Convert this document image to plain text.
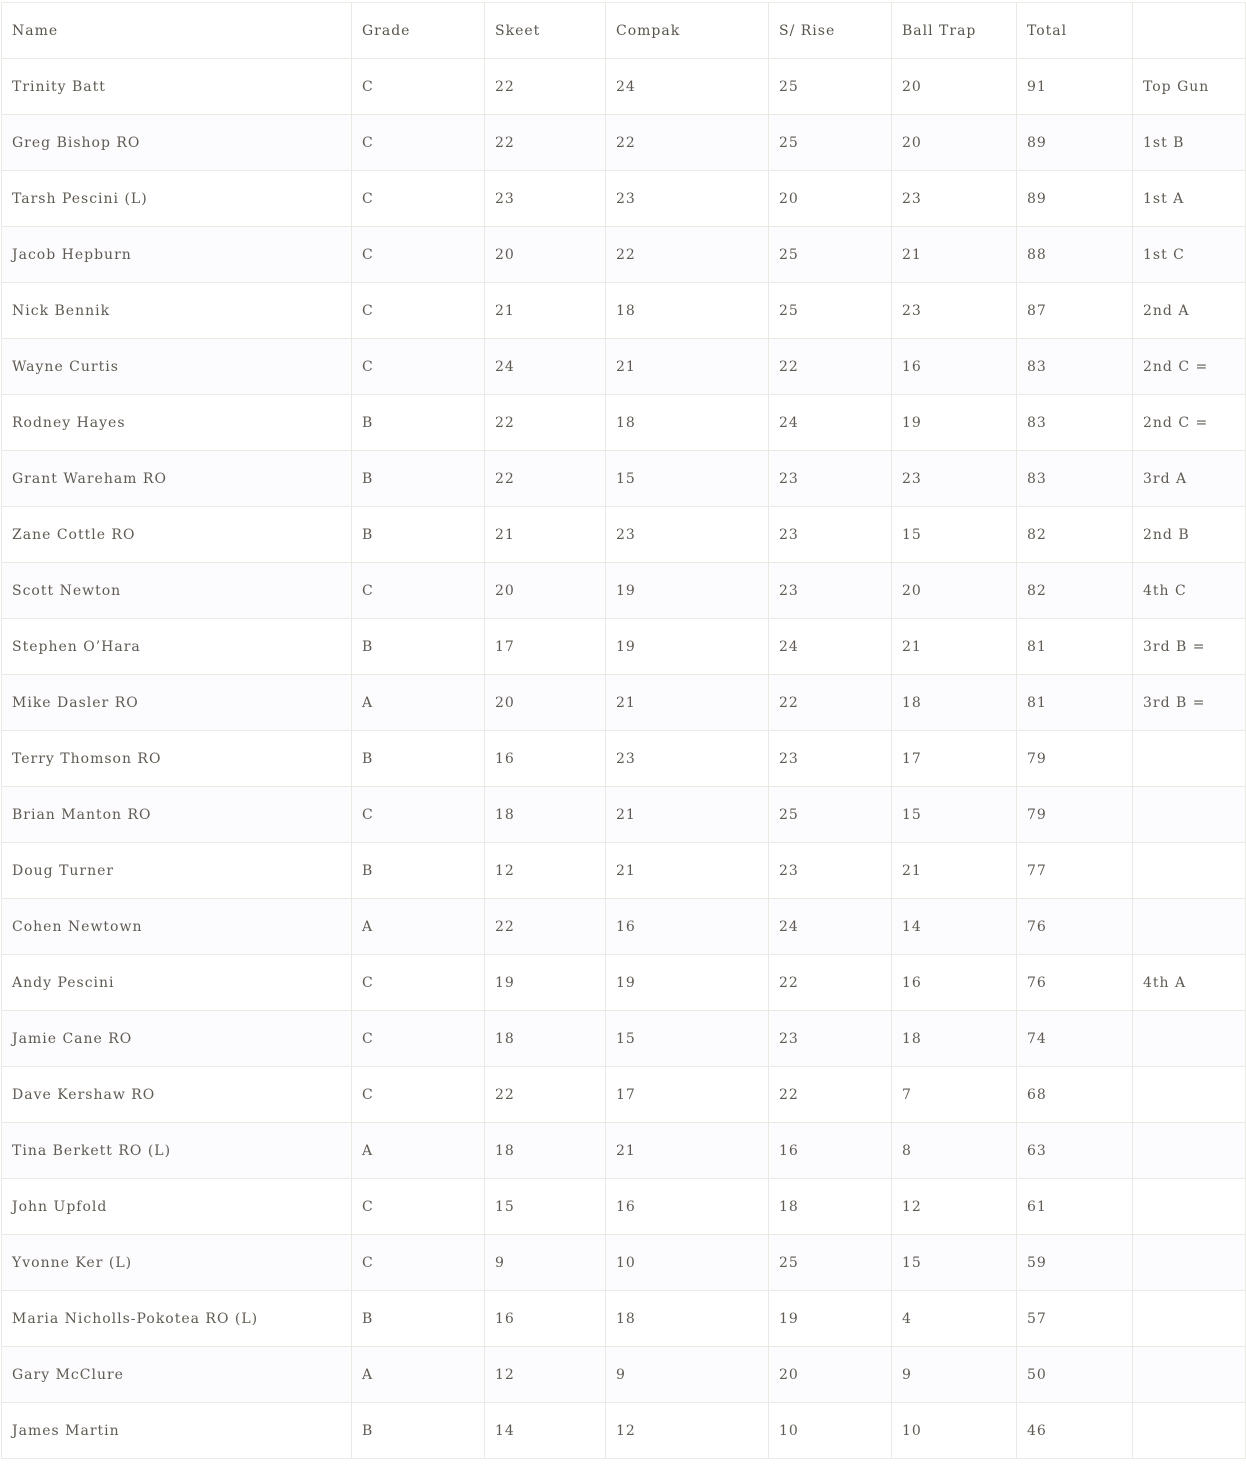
Name	Grade	Skeet	Compak	S/ Rise	Ball Trap	Total	
Trinity Batt	C	22	24	25	20	91	Top Gun
Greg Bishop RO	C	22	22	25	20	89	1st B
Tarsh Pescini (L)	C	23	23	20	23	89	1st A
Jacob Hepburn	C	20	22	25	21	88	1st C
Nick Bennik	C	21	18	25	23	87	2nd A
Wayne Curtis	C	24	21	22	16	83	2nd C =
Rodney Hayes	B	22	18	24	19	83	2nd C =
Grant Wareham RO	B	22	15	23	23	83	3rd A
Zane Cottle RO	B	21	23	23	15	82	2nd B
Scott Newton	C	20	19	23	20	82	4th C
Stephen O’Hara	B	17	19	24	21	81	3rd B =
Mike Dasler RO	A	20	21	22	18	81	3rd B =
Terry Thomson RO	B	16	23	23	17	79	
Brian Manton RO	C	18	21	25	15	79	
Doug Turner	B	12	21	23	21	77	
Cohen Newtown	A	22	16	24	14	76	
Andy Pescini	C	19	19	22	16	76	4th A
Jamie Cane RO	C	18	15	23	18	74	
Dave Kershaw RO	C	22	17	22	7	68	
Tina Berkett RO (L)	A	18	21	16	8	63	
John Upfold	C	15	16	18	12	61	
Yvonne Ker (L)	C	9	10	25	15	59	
Maria Nicholls-Pokotea RO (L)	B	16	18	19	4	57	
Gary McClure	A	12	9	20	9	50	
James Martin	B	14	12	10	10	46	
